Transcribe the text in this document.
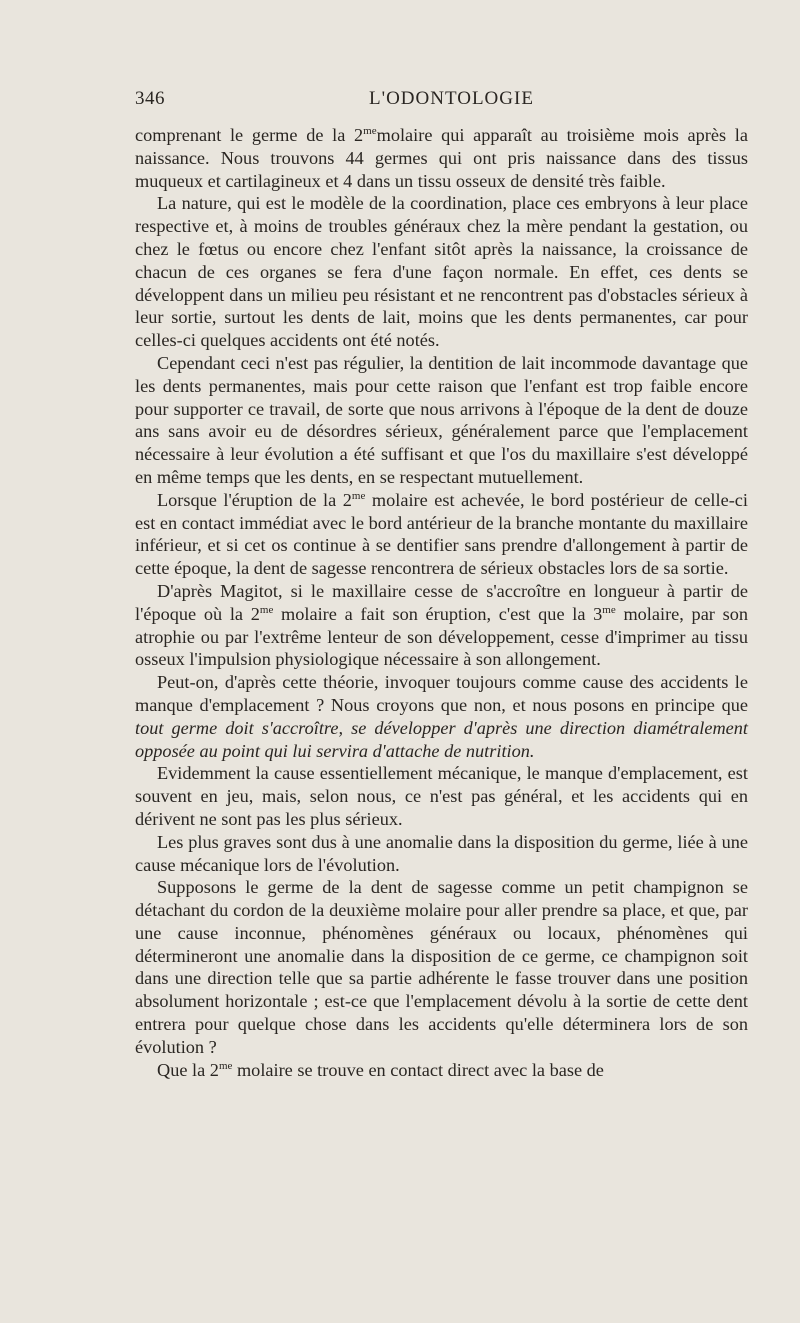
346	L'ODONTOLOGIE

comprenant le germe de la $2^{me}molaire$ qui apparaît au troisième mois après la naissance. Nous trouvons 44 germes qui ont pris naissance dans des tissus muqueux et cartilagineux et 4 dans un tissu osseux de densité très faible.

La nature, qui est le modèle de la coordination, place ces embryons à leur place respective et, à moins de troubles généraux chez la mère pendant la gestation, ou chez le fœtus ou encore chez l'enfant sitôt après la naissance, la croissance de chacun de ces organes se fera d'une façon normale. En effet, ces dents se développent dans un milieu peu résistant et ne rencontrent pas d'obstacles sérieux à leur sortie, surtout les dents de lait, moins que les dents permanentes, car pour celles-ci quelques accidents ont été notés.

Cependant ceci n'est pas régulier, la dentition de lait incommode davantage que les dents permanentes, mais pour cette raison que l'enfant est trop faible encore pour supporter ce travail, de sorte que nous arrivons à l'époque de la dent de douze ans sans avoir eu de désordres sérieux, généralement parce que l'emplacement nécessaire à leur évolution a été suffisant et que l'os du maxillaire s'est développé en même temps que les dents, en se respectant mutuellement.

Lorsque l'éruption de la $2^{me}$ molaire est achevée, le bord postérieur de celle-ci est en contact immédiat avec le bord antérieur de la branche montante du maxillaire inférieur, et si cet os continue à se dentifier sans prendre d'allongement à partir de cette époque, la dent de sagesse rencontrera de sérieux obstacles lors de sa sortie.

D'après Magitot, si le maxillaire cesse de s'accroître en longueur à partir de l'époque où la $2^{me}$ molaire a fait son éruption, c'est que la $3^{me}$ molaire, par son atrophie ou par l'extrême lenteur de son développement, cesse d'imprimer au tissu osseux l'impulsion physiologique nécessaire à son allongement.

Peut-on, d'après cette théorie, invoquer toujours comme cause des accidents le manque d'emplacement ? Nous croyons que non, et nous posons en principe que tout germe doit s'accroître, se développer d'après une direction diamétralement opposée au point qui lui servira d'attache de nutrition.

Evidemment la cause essentiellement mécanique, le manque d'emplacement, est souvent en jeu, mais, selon nous, ce n'est pas général, et les accidents qui en dérivent ne sont pas les plus sérieux.

Les plus graves sont dus à une anomalie dans la disposition du germe, liée à une cause mécanique lors de l'évolution.

Supposons le germe de la dent de sagesse comme un petit champignon se détachant du cordon de la deuxième molaire pour aller prendre sa place, et que, par une cause inconnue, phénomènes généraux ou locaux, phénomènes qui détermineront une anomalie dans la disposition de ce germe, ce champignon soit dans une direction telle que sa partie adhérente le fasse trouver dans une position absolument horizontale ; est-ce que l'emplacement dévolu à la sortie de cette dent entrera pour quelque chose dans les accidents qu'elle déterminera lors de son évolution ?

Que la $2^{me}$ molaire se trouve en contact direct avec la base de
